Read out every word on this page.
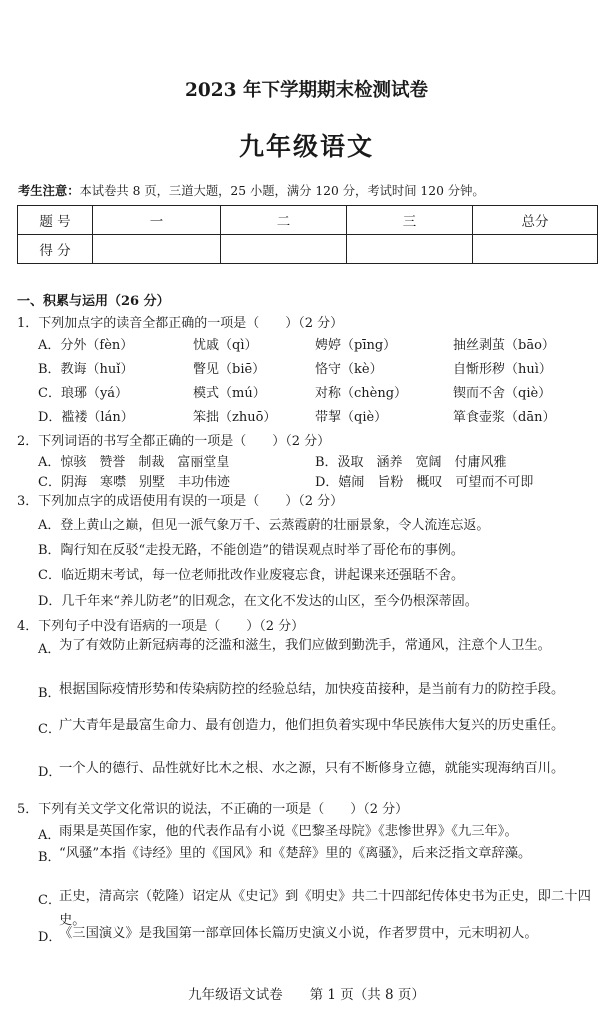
2023 年下学期期末检测试卷
九年级语文
考生注意：本试卷共 8 页，三道大题，25 小题，满分 120 分，考试时间 120 分钟。
题 号	一	二	三	总分
得 分				
一、积累与运用（26 分）
1．下列加点字的读音全都正确的一项是（　　）（2 分）
A．分外（fèn）	忧戚（qì）	娉婷（pīng）	抽丝剥茧（bāo）
B．教诲（huǐ）	瞥见（biē）	恪守（kè）	自惭形秽（huì）
C．琅琊（yá）	模式（mú）	对称（chèng）	锲而不舍（qiè）
D．褴褛（lán）	笨拙（zhuō）	带挈（qiè）	箪食壶浆（dān）
2．下列词语的书写全都正确的一项是（　　）（2 分）
A．惊骇　赞誉　制裁　富丽堂皇	B．汲取　涵养　宽阔　付庸风雅
C．阴海　寒噤　别墅　丰功伟迹	D．嬉闹　旨粉　概叹　可望而不可即
3．下列加点字的成语使用有误的一项是（　　）（2 分）
A．登上黄山之巅，但见一派气象万千、云蒸霞蔚的壮丽景象，令人流连忘返。
B．陶行知在反驳“走投无路，不能创造”的错误观点时举了哥伦布的事例。
C．临近期末考试，每一位老师批改作业废寝忘食，讲起课来还强聒不舍。
D．几千年来“养儿防老”的旧观念，在文化不发达的山区，至今仍根深蒂固。
4．下列句子中没有语病的一项是（　　）（2 分）
A．
为了有效防止新冠病毒的泛滥和滋生，我们应做到勤洗手，常通风，注意个人卫生。
B．
根据国际疫情形势和传染病防控的经验总结，加快疫苗接种，是当前有力的防控手段。
C．
广大青年是最富生命力、最有创造力，他们担负着实现中华民族伟大复兴的历史重任。
D．
一个人的德行、品性就好比木之根、水之源，只有不断修身立德，就能实现海纳百川。
5．下列有关文学文化常识的说法，不正确的一项是（　　）（2 分）
A．
雨果是英国作家，他的代表作品有小说《巴黎圣母院》《悲惨世界》《九三年》。
B．
“风骚”本指《诗经》里的《国风》和《楚辞》里的《离骚》，后来泛指文章辞藻。
C．
正史，清高宗（乾隆）诏定从《史记》到《明史》共二十四部纪传体史书为正史，即二十四史。
D．
《三国演义》是我国第一部章回体长篇历史演义小说，作者罗贯中，元末明初人。
九年级语文试卷　　第 1 页（共 8 页）
